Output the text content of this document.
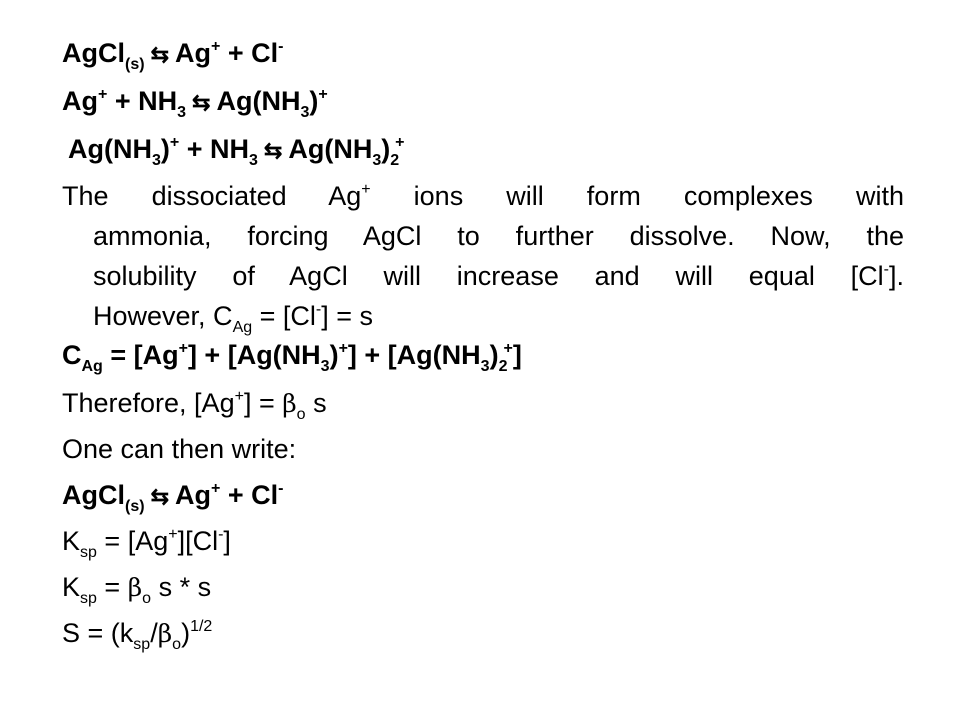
AgCl$_{(s)}$ ⇆ Ag+ + Cl-
$Ag^+ + NH_3$ ⇆ $Ag(NH_3)^+$
$Ag(NH_3)^+ + NH_3$ ⇆ $Ag(NH_3)_2^+$
The dissociated Ag+ ions will form complexes with
ammonia, forcing AgCl to further dissolve. Now, the
solubility of AgCl will increase and will equal [Cl-].
However, $C_{Ag} = [Cl^-] = s$
$C_{Ag} = [Ag^+] + [Ag(NH_3)^+] + [Ag(NH_3)_2^+]$
Therefore, $[Ag^+] = \beta_o$ s
One can then write:
AgCl$_{(s)}$ ⇆ Ag+ + Cl-
$K_{sp} = [Ag^+][Cl^-]$
$K_{sp} = \beta_o$ s * s
$S = (k_{sp}/\beta_o)^{1/2}$
